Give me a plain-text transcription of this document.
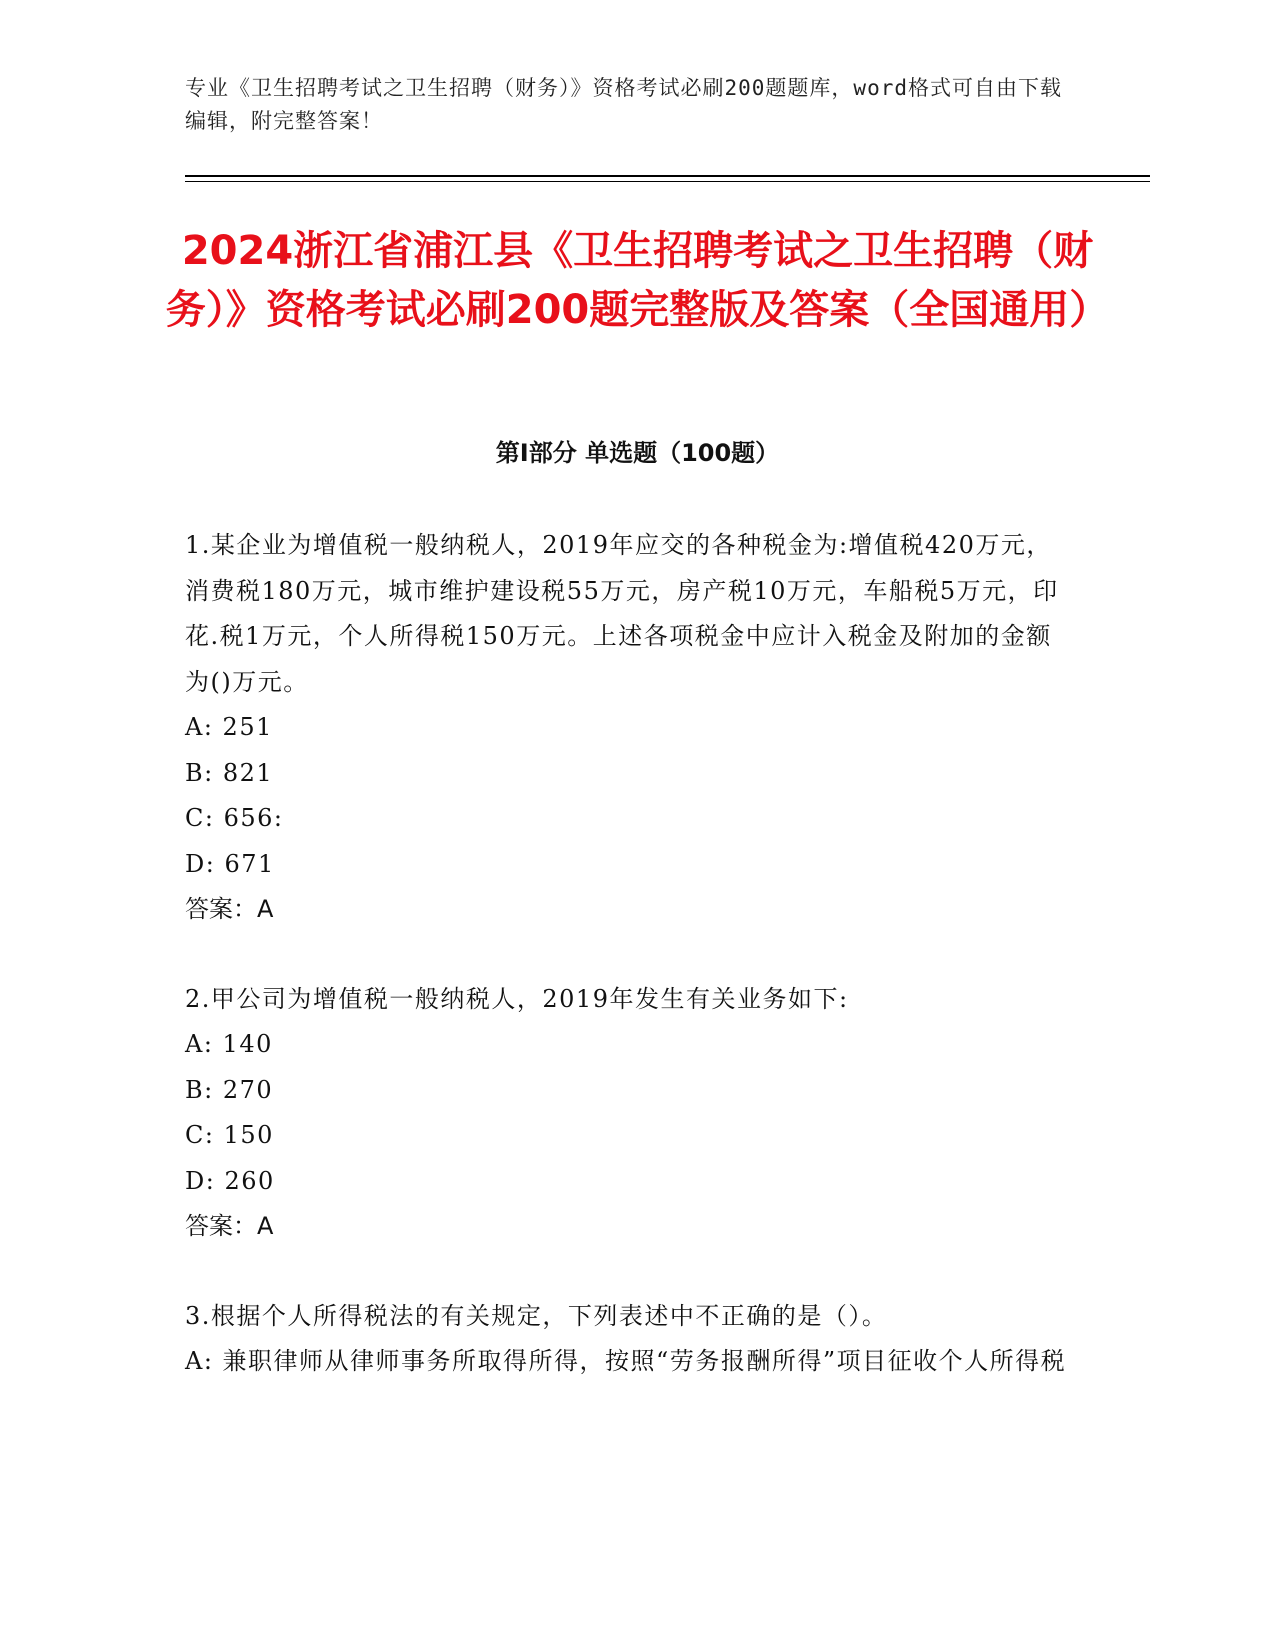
专业《卫生招聘考试之卫生招聘（财务）》资格考试必刷200题题库，word格式可自由下载编辑，附完整答案！
2024浙江省浦江县《卫生招聘考试之卫生招聘（财务）》资格考试必刷200题完整版及答案（全国通用）
第I部分 单选题（100题）
1.某企业为增值税一般纳税人，2019年应交的各种税金为:增值税420万元，消费税180万元，城市维护建设税55万元，房产税10万元，车船税5万元，印花.税1万元，个人所得税150万元。上述各项税金中应计入税金及附加的金额为()万元。
A: 251
B: 821
C: 656:
D: 671
答案：A
2.甲公司为增值税一般纳税人，2019年发生有关业务如下:
A: 140
B: 270
C: 150
D: 260
答案：A
3.根据个人所得税法的有关规定，下列表述中不正确的是（）。
A: 兼职律师从律师事务所取得所得，按照“劳务报酬所得”项目征收个人所得税
